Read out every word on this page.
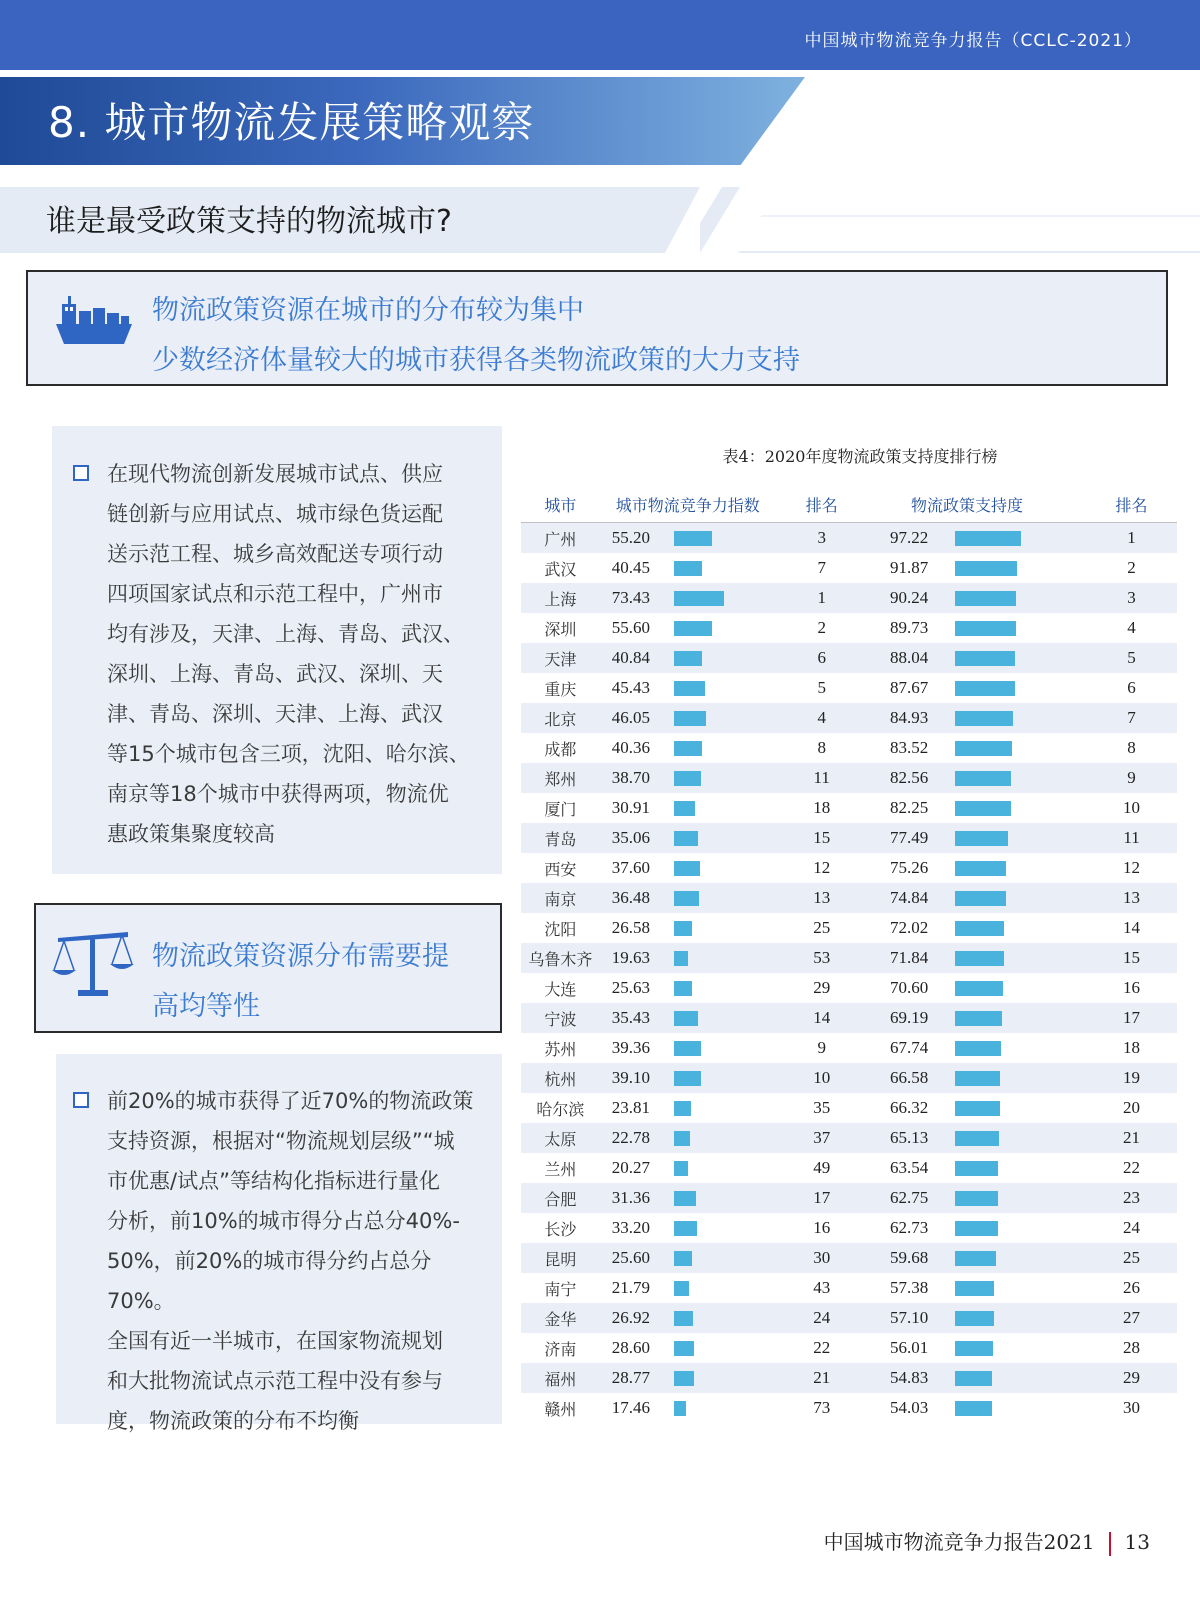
中国城市物流竞争力报告（CCLC-2021）
8. 城市物流发展策略观察
谁是最受政策支持的物流城市?
物流政策资源在城市的分布较为集中
少数经济体量较大的城市获得各类物流政策的大力支持
在现代物流创新发展城市试点、供应
链创新与应用试点、城市绿色货运配
送示范工程、城乡高效配送专项行动
四项国家试点和示范工程中，广州市
均有涉及，天津、上海、青岛、武汉、
深圳、上海、青岛、武汉、深圳、天
津、青岛、深圳、天津、上海、武汉
等15个城市包含三项，沈阳、哈尔滨、
南京等18个城市中获得两项，物流优
惠政策集聚度较高
物流政策资源分布需要提
高均等性
前20%的城市获得了近70%的物流政策
支持资源，根据对“物流规划层级”“城
市优惠/试点”等结构化指标进行量化
分析，前10%的城市得分占总分40%-
50%，前20%的城市得分约占总分70%。
全国有近一半城市，在国家物流规划
和大批物流试点示范工程中没有参与
度，物流政策的分布不均衡
表4：2020年度物流政策支持度排行榜
城市	城市物流竞争力指数		排名	物流政策支持度		排名
广州	55.20		3	97.22		1
武汉	40.45		7	91.87		2
上海	73.43		1	90.24		3
深圳	55.60		2	89.73		4
天津	40.84		6	88.04		5
重庆	45.43		5	87.67		6
北京	46.05		4	84.93		7
成都	40.36		8	83.52		8
郑州	38.70		11	82.56		9
厦门	30.91		18	82.25		10
青岛	35.06		15	77.49		11
西安	37.60		12	75.26		12
南京	36.48		13	74.84		13
沈阳	26.58		25	72.02		14
乌鲁木齐	19.63		53	71.84		15
大连	25.63		29	70.60		16
宁波	35.43		14	69.19		17
苏州	39.36		9	67.74		18
杭州	39.10		10	66.58		19
哈尔滨	23.81		35	66.32		20
太原	22.78		37	65.13		21
兰州	20.27		49	63.54		22
合肥	31.36		17	62.75		23
长沙	33.20		16	62.73		24
昆明	25.60		30	59.68		25
南宁	21.79		43	57.38		26
金华	26.92		24	57.10		27
济南	28.60		22	56.01		28
福州	28.77		21	54.83		29
赣州	17.46		73	54.03		30
中国城市物流竞争力报告2021 13
